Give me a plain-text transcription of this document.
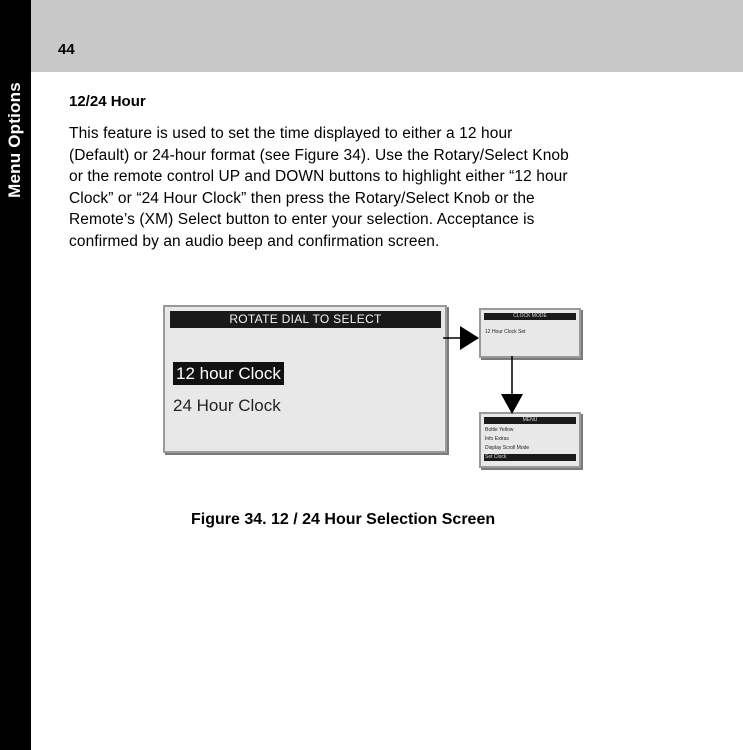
Menu Options
44
12/24 Hour
This feature is used to set the time displayed to either a 12 hour
(Default) or 24-hour format (see Figure 34). Use the Rotary/Select Knob
or the remote control UP and DOWN buttons to highlight either “12 hour
Clock” or “24 Hour Clock” then press the Rotary/Select Knob or the
Remote’s (XM) Select button to enter your selection. Acceptance is
confirmed by an audio beep and confirmation screen.
ROTATE DIAL TO SELECT
12 hour Clock
24 Hour Clock
CLOCK MODE
12 Hour Clock Set
MENU
Bottle Yellow
Info Extras
Display Scroll Mode
Set Clock
Figure 34. 12 / 24 Hour Selection Screen
